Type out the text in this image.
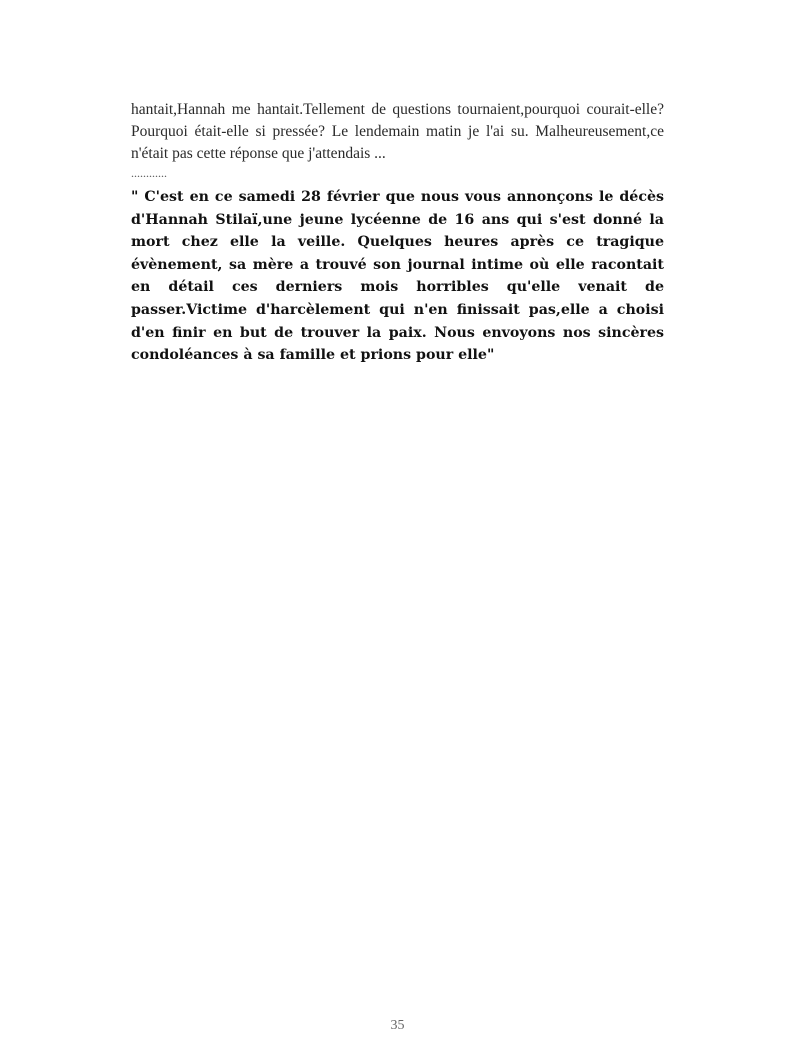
hantait,Hannah me hantait.Tellement de questions tournaient,pourquoi courait-elle? Pourquoi était-elle si pressée? Le lendemain matin je l'ai su. Malheureusement,ce n'était pas cette réponse que j'attendais ...

............

" C'est en ce samedi 28 février que nous vous annonçons le décès d'Hannah Stilaï,une jeune lycéenne de 16 ans qui s'est donné la mort chez elle la veille. Quelques heures après ce tragique évènement, sa mère a trouvé son journal intime où elle racontait en détail ces derniers mois horribles qu'elle venait de passer.Victime d'harcèlement qui n'en finissait pas,elle a choisi d'en finir en but de trouver la paix. Nous envoyons nos sincères condoléances à sa famille et prions pour elle"

35
